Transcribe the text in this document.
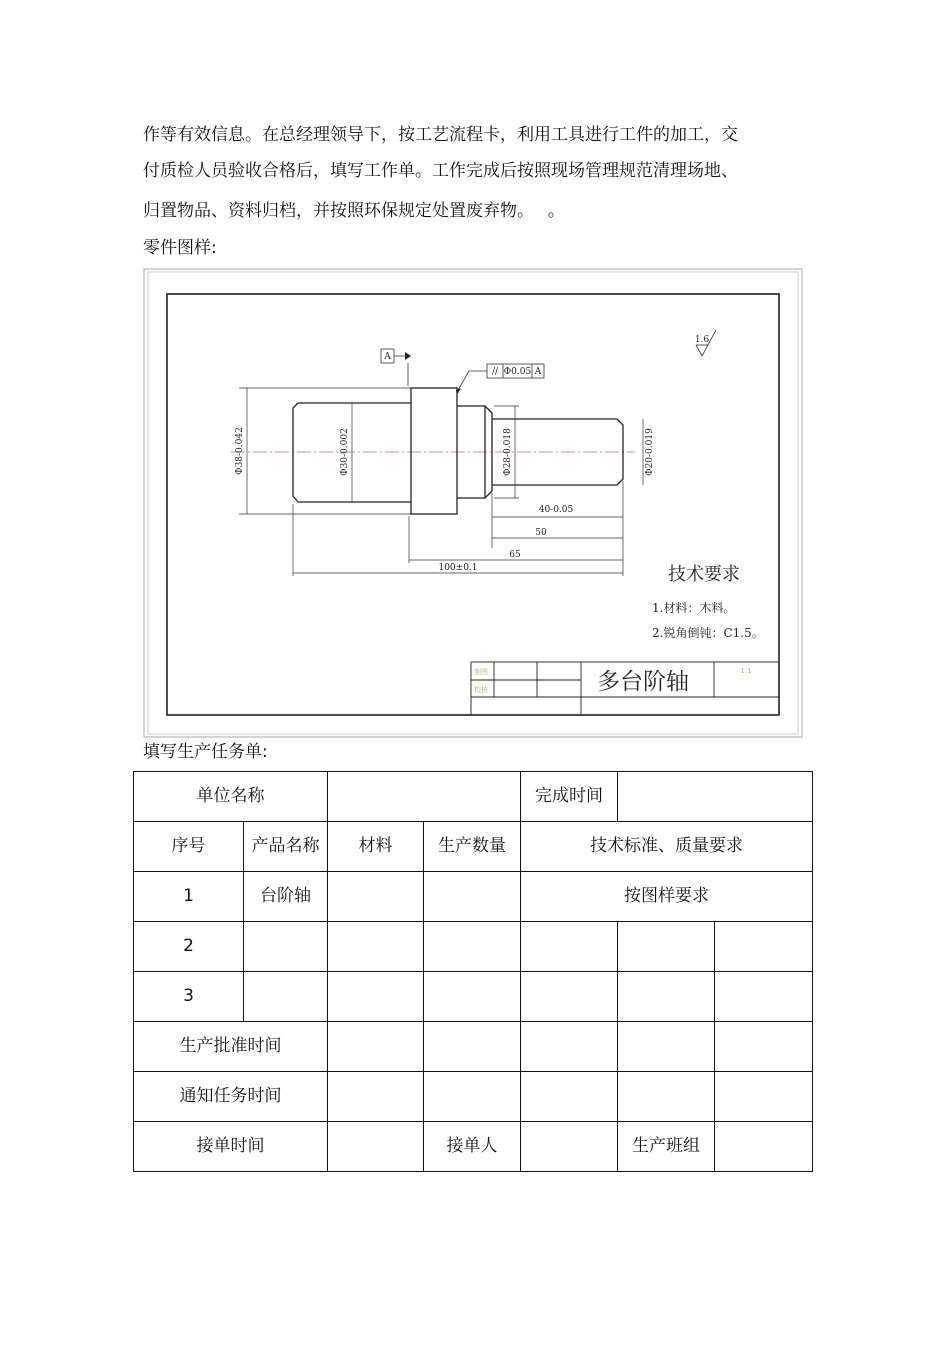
作等有效信息。在总经理领导下，按工艺流程卡，利用工具进行工件的加工，交
付质检人员验收合格后，填写工作单。工作完成后按照现场管理规范清理场地、
归置物品、资料归档，并按照环保规定处置废弃物。　 。
零件图样:
Φ38-0.042	Φ30-0.002	Φ28-0.018	Φ20-0.019
40-0.05
50
65
100±0.1
A
// Φ0.05 A
1.6
技术要求
1.材料：木料。
2.锐角倒钝：C1.5。
制图
校核	多台阶轴	1:1
填写生产任务单:
单位名称				完成时间		
序号	产品名称	材料	生产数量	技术标准、质量要求		
1	台阶轴			按图样要求		
2						
3						
生产批准时间						
通知任务时间						
接单时间			接单人		生产班组	
